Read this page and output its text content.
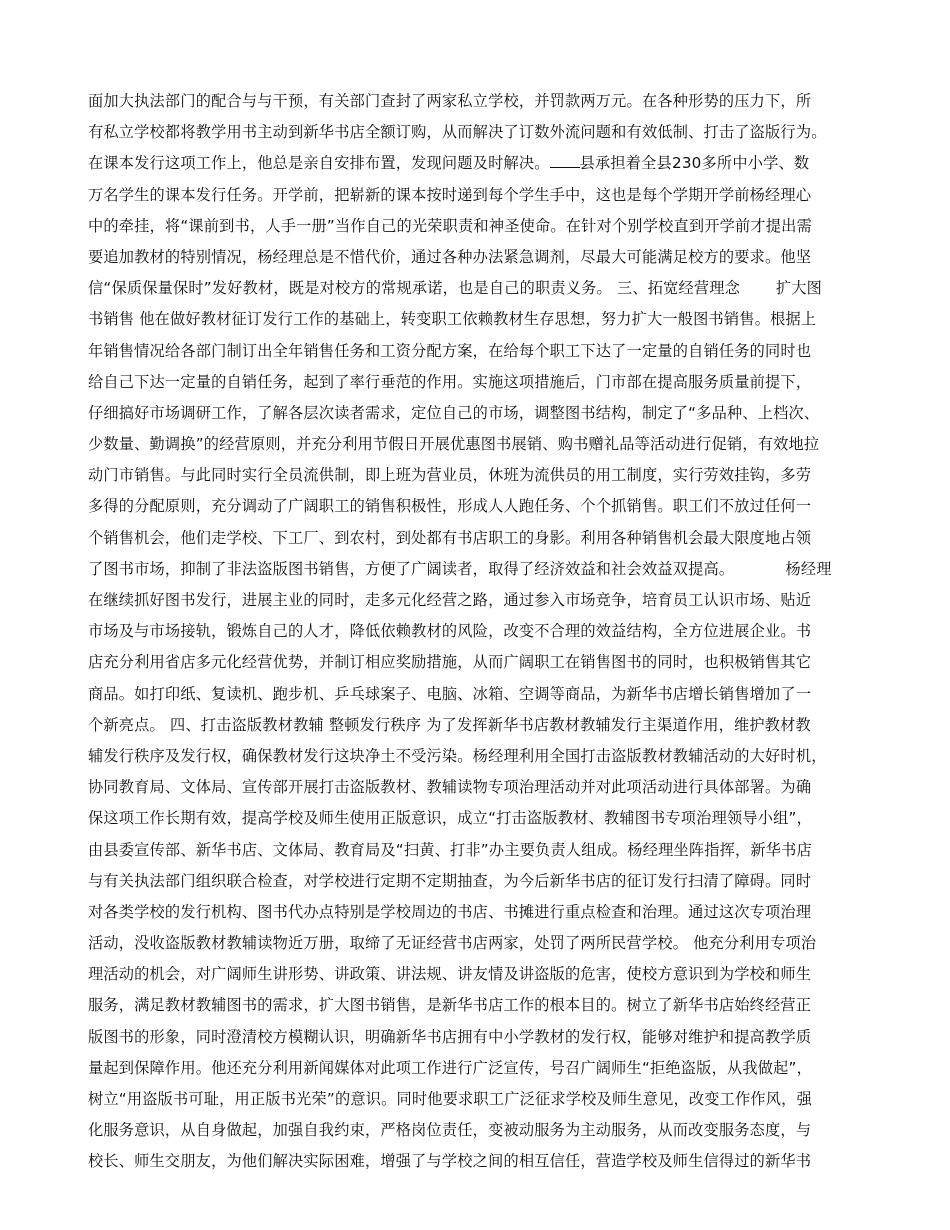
面加大执法部门的配合与与干预，有关部门查封了两家私立学校，并罚款两万元。在各种形势的压力下，所
有私立学校都将教学用书主动到新华书店全额订购，从而解决了订数外流问题和有效低制、打击了盗版行为。
在课本发行这项工作上，他总是亲自安排布置，发现问题及时解决。 县承担着全县230多所中小学、数
万名学生的课本发行任务。开学前，把崭新的课本按时递到每个学生手中，这也是每个学期开学前杨经理心
中的牵挂，将“课前到书，人手一册”当作自己的光荣职责和神圣使命。在针对个别学校直到开学前才提出需
要追加教材的特别情况，杨经理总是不惜代价，通过各种办法紧急调剂，尽最大可能满足校方的要求。他坚
信“保质保量保时”发好教材，既是对校方的常规承诺，也是自己的职责义务。 三、拓宽经营理念 　　扩大图
书销售 他在做好教材征订发行工作的基础上，转变职工依赖教材生存思想，努力扩大一般图书销售。根据上
年销售情况给各部门制订出全年销售任务和工资分配方案，在给每个职工下达了一定量的自销任务的同时也
给自己下达一定量的自销任务，起到了率行垂范的作用。实施这项措施后，门市部在提高服务质量前提下，
仔细搞好市场调研工作，了解各层次读者需求，定位自己的市场，调整图书结构，制定了“多品种、上档次、
少数量、勤调换”的经营原则，并充分利用节假日开展优惠图书展销、购书赠礼品等活动进行促销，有效地拉
动门市销售。与此同时实行全员流供制，即上班为营业员，休班为流供员的用工制度，实行劳效挂钩，多劳
多得的分配原则，充分调动了广阔职工的销售积极性，形成人人跑任务、个个抓销售。职工们不放过任何一
个销售机会，他们走学校、下工厂、到农村，到处都有书店职工的身影。利用各种销售机会最大限度地占领
了图书市场，抑制了非法盗版图书销售，方便了广阔读者，取得了经济效益和社会效益双提高。 　　　杨经理
在继续抓好图书发行，进展主业的同时，走多元化经营之路，通过参入市场竞争，培育员工认识市场、贴近
市场及与市场接轨，锻炼自己的人才，降低依赖教材的风险，改变不合理的效益结构，全方位进展企业。书
店充分利用省店多元化经营优势，并制订相应奖励措施，从而广阔职工在销售图书的同时，也积极销售其它
商品。如打印纸、复读机、跑步机、乒乓球案子、电脑、冰箱、空调等商品，为新华书店增长销售增加了一
个新亮点。 四、打击盗版教材教辅 整顿发行秩序 为了发挥新华书店教材教辅发行主渠道作用，维护教材教
辅发行秩序及发行权，确保教材发行这块净土不受污染。杨经理利用全国打击盗版教材教辅活动的大好时机，
协同教育局、文体局、宣传部开展打击盗版教材、教辅读物专项治理活动并对此项活动进行具体部署。为确
保这项工作长期有效，提高学校及师生使用正版意识，成立“打击盗版教材、教辅图书专项治理领导小组”，
由县委宣传部、新华书店、文体局、教育局及“扫黄、打非”办主要负责人组成。杨经理坐阵指挥，新华书店
与有关执法部门组织联合检查，对学校进行定期不定期抽查，为今后新华书店的征订发行扫清了障碍。同时
对各类学校的发行机构、图书代办点特别是学校周边的书店、书摊进行重点检查和治理。通过这次专项治理
活动，没收盗版教材教辅读物近万册，取缔了无证经营书店两家，处罚了两所民营学校。 他充分利用专项治
理活动的机会，对广阔师生讲形势、讲政策、讲法规、讲友情及讲盗版的危害，使校方意识到为学校和师生
服务，满足教材教辅图书的需求，扩大图书销售，是新华书店工作的根本目的。树立了新华书店始终经营正
版图书的形象，同时澄清校方模糊认识，明确新华书店拥有中小学教材的发行权，能够对维护和提高教学质
量起到保障作用。他还充分利用新闻媒体对此项工作进行广泛宣传，号召广阔师生“拒绝盗版，从我做起”，
树立“用盗版书可耻，用正版书光荣”的意识。同时他要求职工广泛征求学校及师生意见，改变工作作风，强
化服务意识，从自身做起，加强自我约束，严格岗位责任，变被动服务为主动服务，从而改变服务态度，与
校长、师生交朋友，为他们解决实际困难，增强了与学校之间的相互信任，营造学校及师生信得过的新华书
